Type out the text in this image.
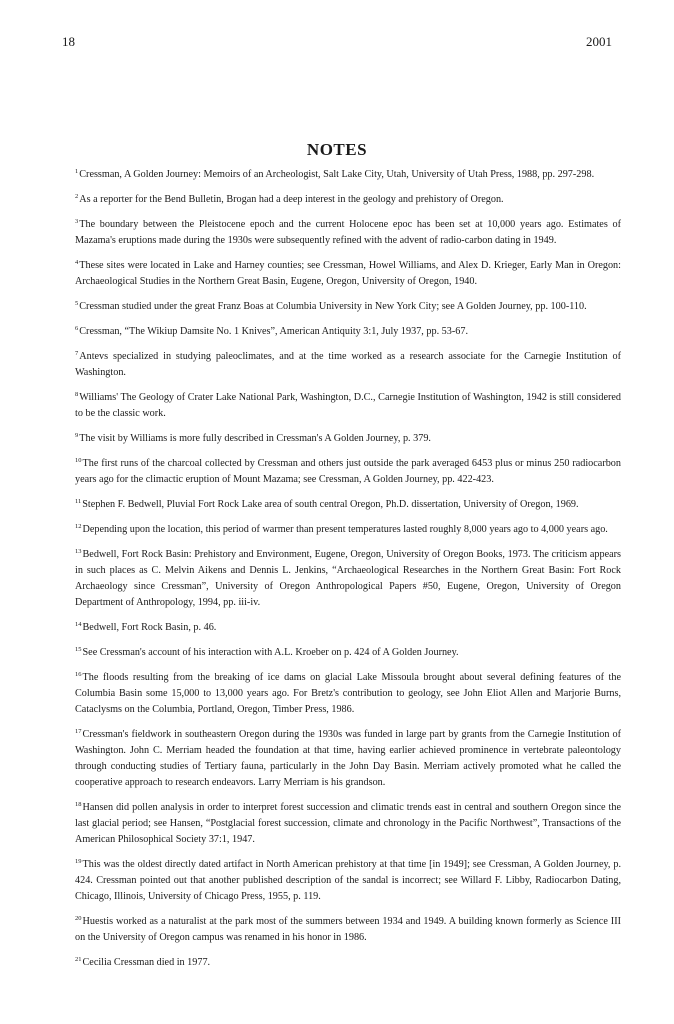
18	2001
NOTES

$^1$Cressman, A Golden Journey: Memoirs of an Archeologist, Salt Lake City, Utah, University of Utah Press, 1988, pp. 297-298.

$^2$As a reporter for the Bend Bulletin, Brogan had a deep interest in the geology and prehistory of Oregon.

$^3$The boundary between the Pleistocene epoch and the current Holocene epoc has been set at 10,000 years ago. Estimates of Mazama's eruptions made during the 1930s were subsequently refined with the advent of radio-carbon dating in 1949.

$^4$These sites were located in Lake and Harney counties; see Cressman, Howel Williams, and Alex D. Krieger, Early Man in Oregon: Archaeological Studies in the Northern Great Basin, Eugene, Oregon, University of Oregon, 1940.

$^5$Cressman studied under the great Franz Boas at Columbia University in New York City; see A Golden Journey, pp. 100-110.

$^6$Cressman, “The Wikiup Damsite No. 1 Knives”, American Antiquity 3:1, July 1937, pp. 53-67.

$^7$Antevs specialized in studying paleoclimates, and at the time worked as a research associate for the Carnegie Institution of Washington.

$^8$Williams' The Geology of Crater Lake National Park, Washington, D.C., Carnegie Institution of Washington, 1942 is still considered to be the classic work.

$^9$The visit by Williams is more fully described in Cressman's A Golden Journey, p. 379.

$^{10}$The first runs of the charcoal collected by Cressman and others just outside the park averaged 6453 plus or minus 250 radiocarbon years ago for the climactic eruption of Mount Mazama; see Cressman, A Golden Journey, pp. 422-423.

$^{11}$Stephen F. Bedwell, Pluvial Fort Rock Lake area of south central Oregon, Ph.D. dissertation, University of Oregon, 1969.

$^{12}$Depending upon the location, this period of warmer than present temperatures lasted roughly 8,000 years ago to 4,000 years ago.

$^{13}$Bedwell, Fort Rock Basin: Prehistory and Environment, Eugene, Oregon, University of Oregon Books, 1973. The criticism appears in such places as C. Melvin Aikens and Dennis L. Jenkins, “Archaeological Researches in the Northern Great Basin: Fort Rock Archaeology since Cressman”, University of Oregon Anthropological Papers #50, Eugene, Oregon, University of Oregon Department of Anthropology, 1994, pp. iii-iv.

$^{14}$Bedwell, Fort Rock Basin, p. 46.

$^{15}$See Cressman's account of his interaction with A.L. Kroeber on p. 424 of A Golden Journey.

$^{16}$The floods resulting from the breaking of ice dams on glacial Lake Missoula brought about several defining features of the Columbia Basin some 15,000 to 13,000 years ago. For Bretz's contribution to geology, see John Eliot Allen and Marjorie Burns, Cataclysms on the Columbia, Portland, Oregon, Timber Press, 1986.

$^{17}$Cressman's fieldwork in southeastern Oregon during the 1930s was funded in large part by grants from the Carnegie Institution of Washington. John C. Merriam headed the foundation at that time, having earlier achieved prominence in vertebrate paleontology through conducting studies of Tertiary fauna, particularly in the John Day Basin. Merriam actively promoted what he called the cooperative approach to research endeavors. Larry Merriam is his grandson.

$^{18}$Hansen did pollen analysis in order to interpret forest succession and climatic trends east in central and southern Oregon since the last glacial period; see Hansen, “Postglacial forest succession, climate and chronology in the Pacific Northwest”, Transactions of the American Philosophical Society 37:1, 1947.

$^{19}$This was the oldest directly dated artifact in North American prehistory at that time [in 1949]; see Cressman, A Golden Journey, p. 424. Cressman pointed out that another published description of the sandal is incorrect; see Willard F. Libby, Radiocarbon Dating, Chicago, Illinois, University of Chicago Press, 1955, p. 119.

$^{20}$Huestis worked as a naturalist at the park most of the summers between 1934 and 1949. A building known formerly as Science III on the University of Oregon campus was renamed in his honor in 1986.

$^{21}$Cecilia Cressman died in 1977.
